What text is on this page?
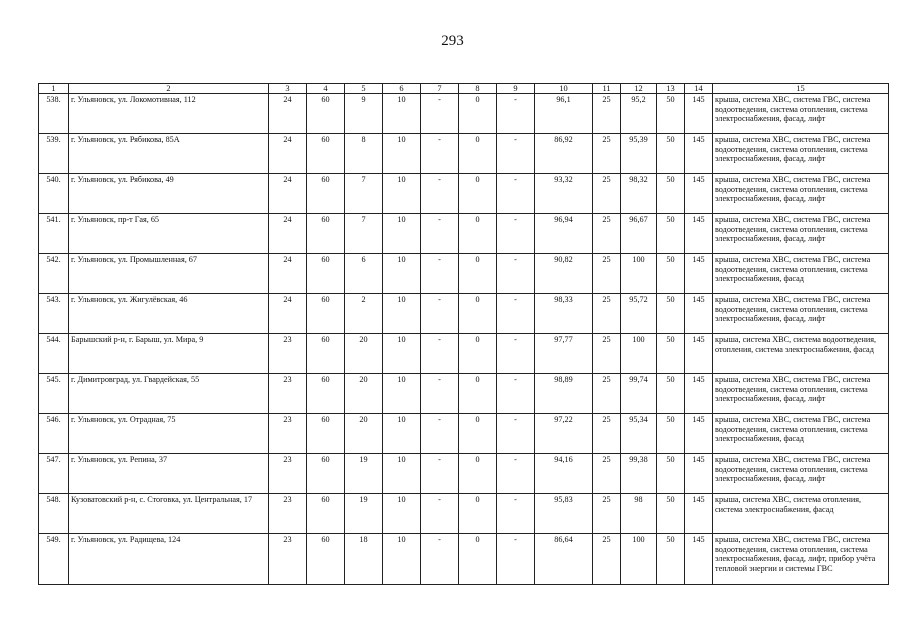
293
1	2	3	4	5	6	7	8	9	10	11	12	13	14	15
538.	г. Ульяновск, ул. Локомотивная, 112	24	60	9	10	-	0	-	96,1	25	95,2	50	145	крыша, система ХВС, система ГВС, система водоотведения, система отопления, система электроснабжения, фасад, лифт
539.	г. Ульяновск, ул. Рябикова, 85А	24	60	8	10	-	0	-	86,92	25	95,39	50	145	крыша, система ХВС, система ГВС, система водоотведения, система отопления, система электроснабжения, фасад, лифт
540.	г. Ульяновск, ул. Рябикова, 49	24	60	7	10	-	0	-	93,32	25	98,32	50	145	крыша, система ХВС, система ГВС, система водоотведения, система отопления, система электроснабжения, фасад, лифт
541.	г. Ульяновск, пр-т Гая, 65	24	60	7	10	-	0	-	96,94	25	96,67	50	145	крыша, система ХВС, система ГВС, система водоотведения, система отопления, система электроснабжения, фасад, лифт
542.	г. Ульяновск, ул. Промышленная, 67	24	60	6	10	-	0	-	90,82	25	100	50	145	крыша, система ХВС, система ГВС, система водоотведения, система отопления, система электроснабжения, фасад
543.	г. Ульяновск, ул. Жигулёвская, 46	24	60	2	10	-	0	-	98,33	25	95,72	50	145	крыша, система ХВС, система ГВС, система водоотведения, система отопления, система электроснабжения, фасад, лифт
544.	Барышский р-н, г. Барыш, ул. Мира, 9	23	60	20	10	-	0	-	97,77	25	100	50	145	крыша, система ХВС, система водоотведения, отопления, система электроснабжения, фасад
545.	г. Димитровград, ул. Гвардейская, 55	23	60	20	10	-	0	-	98,89	25	99,74	50	145	крыша, система ХВС, система ГВС, система водоотведения, система отопления, система электроснабжения, фасад, лифт
546.	г. Ульяновск, ул. Отрадная, 75	23	60	20	10	-	0	-	97,22	25	95,34	50	145	крыша, система ХВС, система ГВС, система водоотведения, система отопления, система электроснабжения, фасад
547.	г. Ульяновск, ул. Репина, 37	23	60	19	10	-	0	-	94,16	25	99,38	50	145	крыша, система ХВС, система ГВС, система водоотведения, система отопления, система электроснабжения, фасад, лифт
548.	Кузоватовский р-н, с. Стоговка, ул. Центральная, 17	23	60	19	10	-	0	-	95,83	25	98	50	145	крыша, система ХВС, система отопления, система электроснабжения, фасад
549.	г. Ульяновск, ул. Радищева, 124	23	60	18	10	-	0	-	86,64	25	100	50	145	крыша, система ХВС, система ГВС, система водоотведения, система отопления, система электроснабжения, фасад, лифт, прибор учёта тепловой энергии и системы ГВС
